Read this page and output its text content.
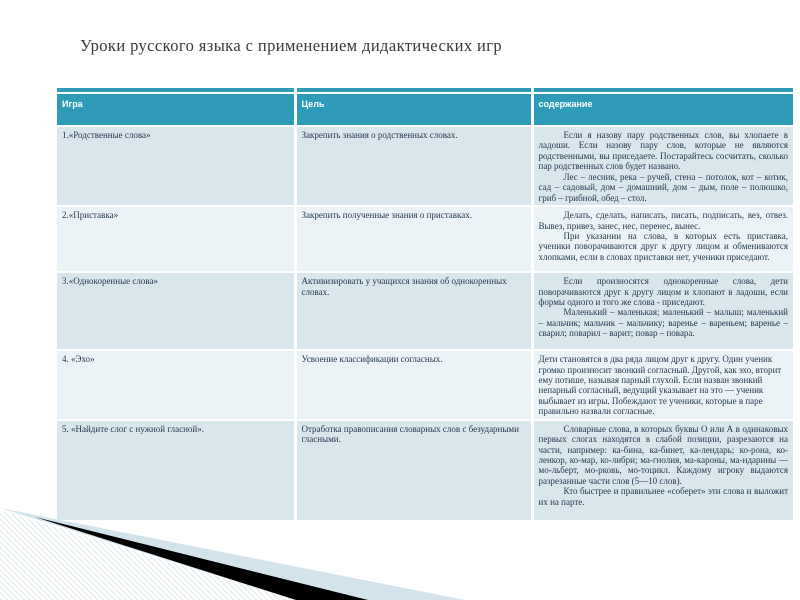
Уроки русского языка с применением дидактических игр
Игра	Цель	содержание
1.«Родственные слова»	Закрепить знания о родственных словах.	Если я назову пару родственных слов, вы хлопаете в ладоши. Если назову пару слов, которые не являются родственными, вы приседаете. Постарайтесь сосчитать, сколько пар родственных слов будет названо.

Лес – лесник, река – ручей, стена – потолок, кот – котик, сад – садовый, дом – домашний, дом – дым, поле – полюшко, гриб – грибной, обед – стол.

2.«Приставка»	Закрепить полученные знания о приставках.	Делать, сделать, написать, писать, подписать, вез, отвез. Вывез, привез, занес, нес, перенес, вынес.

При указании на слова, в которых есть приставка, ученики поворачиваются друг к другу лицом и обмениваются хлопками, если в словах приставки нет, ученики приседают.

3.«Однокоренные слова»	Активизировать у учащихся знания об однокоренных словах.	Если произносятся однокоренные слова, дети поворачиваются друг к другу лицом и хлопают в ладоши, если формы одного и того же слова - приседают.

Маленький – маленькая; маленький – малыш; маленький – мальчик; мальчик – мальчику; варенье – вареньем; варенье – сварил; поварил – варит; повар – повара.

4. «Эхо»	Усвоение классификации согласных.	Дети становятся в два ряда лицом друг к другу. Один ученик громко произносит звонкий согласный. Другой, как эхо, вторит ему потише, называя парный глухой. Если назван звонкий непарный согласный, ведущий указывает на это — ученик выбывает из игры. Побеждают те ученики, которые в паре правильно назвали согласные.

5. «Найдите слог с нужной гласной».	Отработка правописания словарных слов с безударными гласными.	Словарные слова, в которых буквы О или А в одинаковых первых слогах находятся в слабой позиции, разрезаются на части, например: ка-бина, ка-бинет, ка-лендарь; ко-рона, ко-ленкор, ко-мар, ко-либри; ма-гнолия, ма-кароны, ма-ндарины — мо-льберт, мо-рковь, мо-тоцикл. Каждому игроку выдаются разрезанные части слов (5—10 слов).

Кто быстрее и правильнее «соберет» эти слова и выложит их на парте.
